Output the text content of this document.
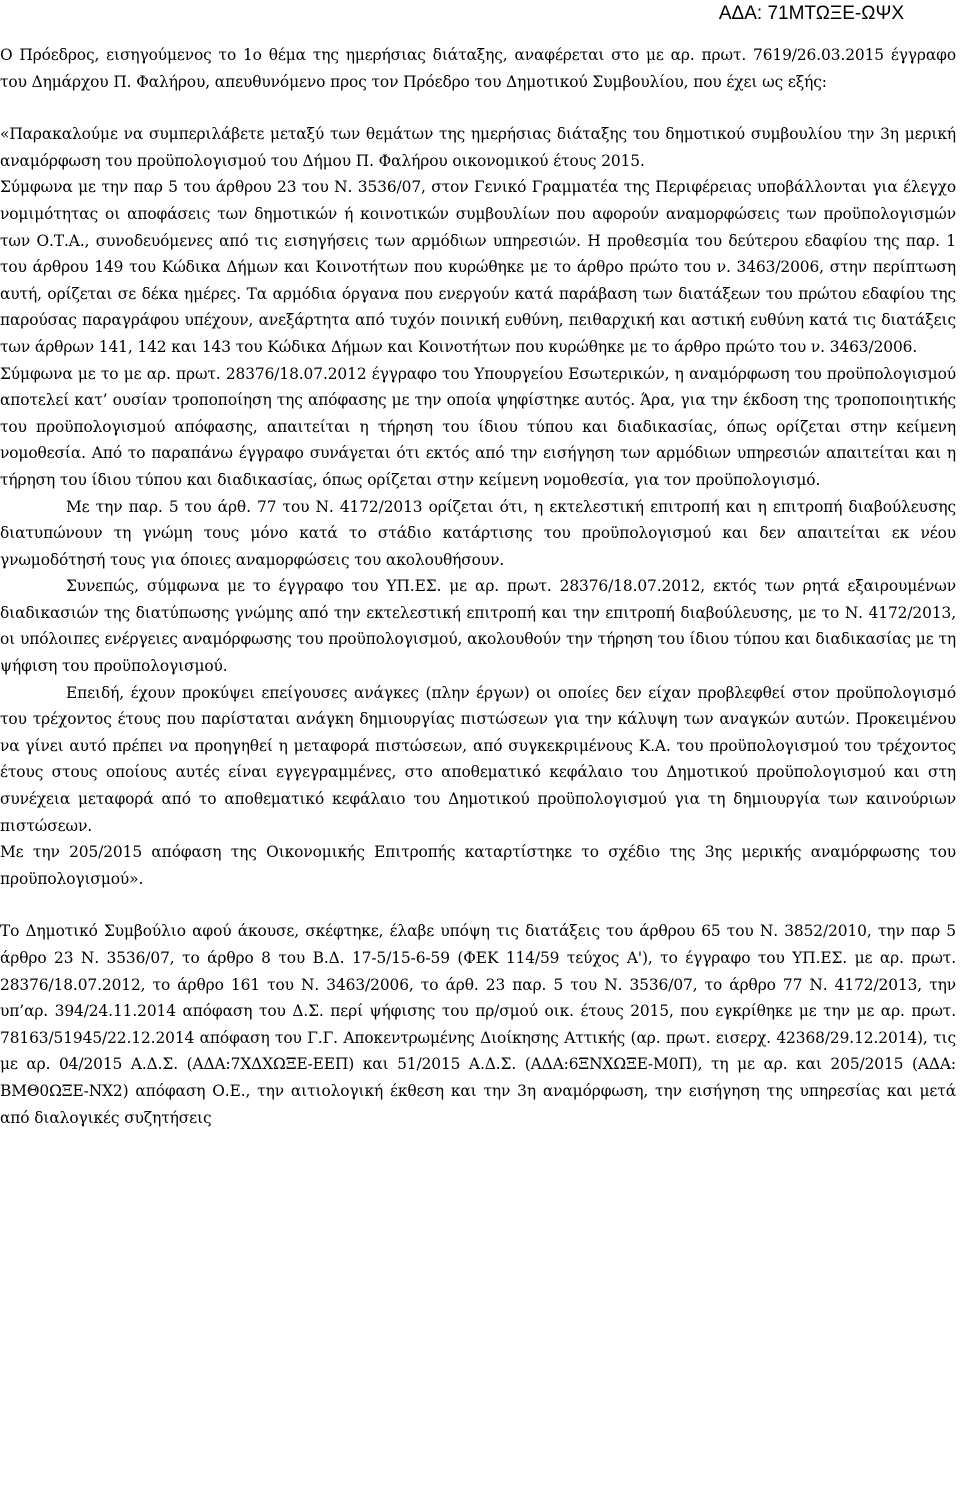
ΑΔΑ: 71ΜΤΩΞΕ-ΩΨΧ

Ο Πρόεδρος, εισηγούμενος το 1ο θέμα της ημερήσιας διάταξης, αναφέρεται στο με αρ. πρωτ. 7619/26.03.2015 έγγραφο του Δημάρχου Π. Φαλήρου, απευθυνόμενο προς τον Πρόεδρο του Δημοτικού Συμβουλίου, που έχει ως εξής:

«Παρακαλούμε να συμπεριλάβετε μεταξύ των θεμάτων της ημερήσιας διάταξης του δημοτικού συμβουλίου την 3η μερική αναμόρφωση του προϋπολογισμού του Δήμου Π. Φαλήρου οικονομικού έτους 2015.

Σύμφωνα με την παρ 5 του άρθρου 23 του Ν. 3536/07, στον Γενικό Γραμματέα της Περιφέρειας υποβάλλονται για έλεγχο νομιμότητας οι αποφάσεις των δημοτικών ή κοινοτικών συμβουλίων που αφορούν αναμορφώσεις των προϋπολογισμών των Ο.Τ.Α., συνοδευόμενες από τις εισηγήσεις των αρμόδιων υπηρεσιών. Η προθεσμία του δεύτερου εδαφίου της παρ. 1 του άρθρου 149 του Κώδικα Δήμων και Κοινοτήτων που κυρώθηκε με το άρθρο πρώτο του ν. 3463/2006, στην περίπτωση αυτή, ορίζεται σε δέκα ημέρες. Τα αρμόδια όργανα που ενεργούν κατά παράβαση των διατάξεων του πρώτου εδαφίου της παρούσας παραγράφου υπέχουν, ανεξάρτητα από τυχόν ποινική ευθύνη, πειθαρχική και αστική ευθύνη κατά τις διατάξεις των άρθρων 141, 142 και 143 του Κώδικα Δήμων και Κοινοτήτων που κυρώθηκε με το άρθρο πρώτο του ν. 3463/2006.

Σύμφωνα με το με αρ. πρωτ. 28376/18.07.2012 έγγραφο του Υπουργείου Εσωτερικών, η αναμόρφωση του προϋπολογισμού αποτελεί κατ’ ουσίαν τροποποίηση της απόφασης με την οποία ψηφίστηκε αυτός. Άρα, για την έκδοση της τροποποιητικής του προϋπολογισμού απόφασης, απαιτείται η τήρηση του ίδιου τύπου και διαδικασίας, όπως ορίζεται στην κείμενη νομοθεσία. Από το παραπάνω έγγραφο συνάγεται ότι εκτός από την εισήγηση των αρμόδιων υπηρεσιών απαιτείται και η τήρηση του ίδιου τύπου και διαδικασίας, όπως ορίζεται στην κείμενη νομοθεσία, για τον προϋπολογισμό.

Με την παρ. 5 του άρθ. 77 του Ν. 4172/2013 ορίζεται ότι, η εκτελεστική επιτροπή και η επιτροπή διαβούλευσης διατυπώνουν τη γνώμη τους μόνο κατά το στάδιο κατάρτισης του προϋπολογισμού και δεν απαιτείται εκ νέου γνωμοδότησή τους για όποιες αναμορφώσεις του ακολουθήσουν.

Συνεπώς, σύμφωνα με το έγγραφο του ΥΠ.ΕΣ. με αρ. πρωτ. 28376/18.07.2012, εκτός των ρητά εξαιρουμένων διαδικασιών της διατύπωσης γνώμης από την εκτελεστική επιτροπή και την επιτροπή διαβούλευσης, με το Ν. 4172/2013, οι υπόλοιπες ενέργειες αναμόρφωσης του προϋπολογισμού, ακολουθούν την τήρηση του ίδιου τύπου και διαδικασίας με τη ψήφιση του προϋπολογισμού.

Επειδή, έχουν προκύψει επείγουσες ανάγκες (πλην έργων) οι οποίες δεν είχαν προβλεφθεί στον προϋπολογισμό του τρέχοντος έτους που παρίσταται ανάγκη δημιουργίας πιστώσεων για την κάλυψη των αναγκών αυτών. Προκειμένου να γίνει αυτό πρέπει να προηγηθεί η μεταφορά πιστώσεων, από συγκεκριμένους Κ.Α. του προϋπολογισμού του τρέχοντος έτους στους οποίους αυτές είναι εγγεγραμμένες, στο αποθεματικό κεφάλαιο του Δημοτικού προϋπολογισμού και στη συνέχεια μεταφορά από το αποθεματικό κεφάλαιο του Δημοτικού προϋπολογισμού για τη δημιουργία των καινούριων πιστώσεων.

Με την 205/2015 απόφαση της Οικονομικής Επιτροπής καταρτίστηκε το σχέδιο της 3ης μερικής αναμόρφωσης του προϋπολογισμού».

Το Δημοτικό Συμβούλιο αφού άκουσε, σκέφτηκε, έλαβε υπόψη τις διατάξεις του άρθρου 65 του Ν. 3852/2010, την παρ 5 άρθρο 23 Ν. 3536/07, το άρθρο 8 του Β.Δ. 17-5/15-6-59 (ΦΕΚ 114/59 τεύχος Α'), το έγγραφο του ΥΠ.ΕΣ. με αρ. πρωτ. 28376/18.07.2012, το άρθρο 161 του Ν. 3463/2006, το άρθ. 23 παρ. 5 του Ν. 3536/07, το άρθρο 77 Ν. 4172/2013, την υπ’αρ. 394/24.11.2014 απόφαση του Δ.Σ. περί ψήφισης του πρ/σμού οικ. έτους 2015, που εγκρίθηκε με την με αρ. πρωτ. 78163/51945/22.12.2014 απόφαση του Γ.Γ. Αποκεντρωμένης Διοίκησης Αττικής (αρ. πρωτ. εισερχ. 42368/29.12.2014), τις με αρ. 04/2015 Α.Δ.Σ. (ΑΔΑ:7ΧΔΧΩΞΕ-ΕΕΠ) και 51/2015 Α.Δ.Σ. (ΑΔΑ:6ΞΝΧΩΞΕ-Μ0Π), τη με αρ. και 205/2015 (ΑΔΑ: ΒΜΘ0ΩΞΕ-ΝΧ2) απόφαση Ο.Ε., την αιτιολογική έκθεση και την 3η αναμόρφωση, την εισήγηση της υπηρεσίας και μετά από διαλογικές συζητήσεις
